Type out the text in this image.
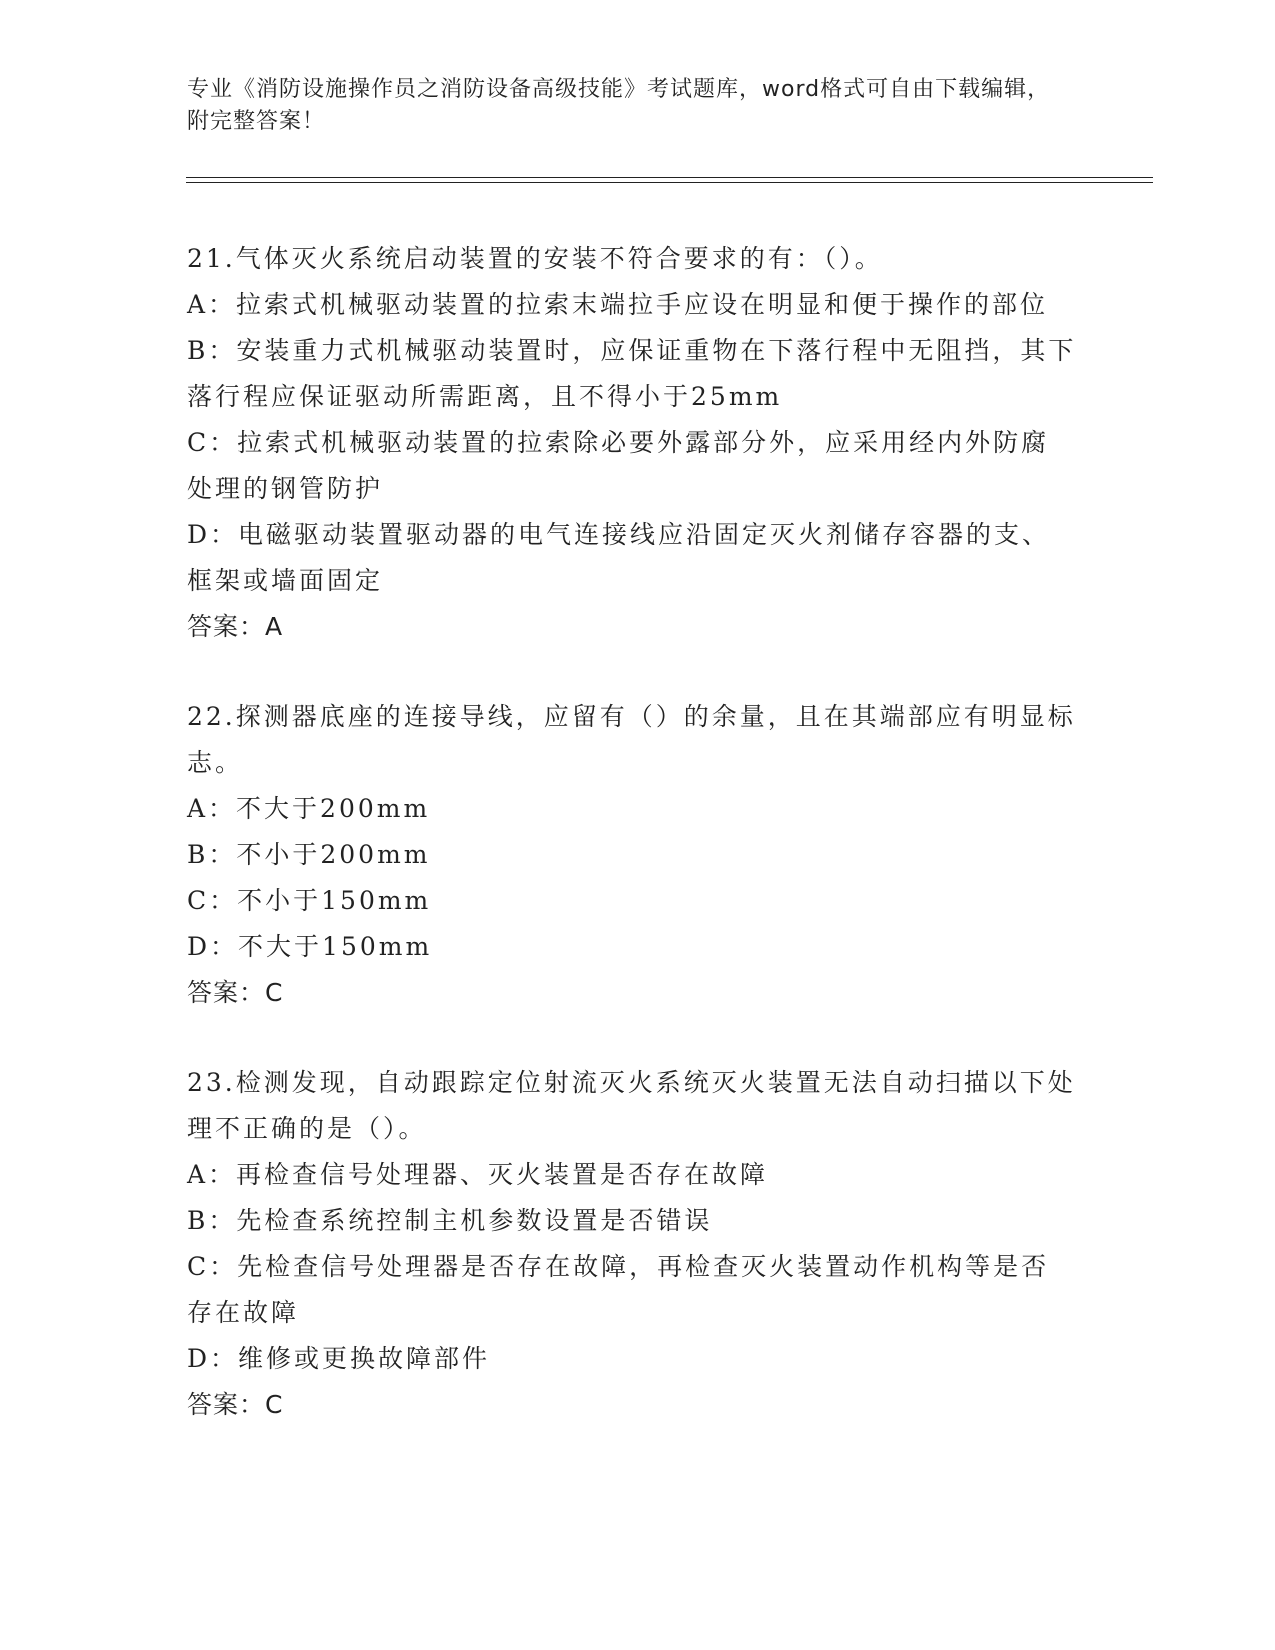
专业《消防设施操作员之消防设备高级技能》考试题库，word格式可自由下载编辑，附完整答案！

21.气体灭火系统启动装置的安装不符合要求的有：（）。

A：拉索式机械驱动装置的拉索末端拉手应设在明显和便于操作的部位

B：安装重力式机械驱动装置时，应保证重物在下落行程中无阻挡，其下落行程应保证驱动所需距离，且不得小于25mm

C：拉索式机械驱动装置的拉索除必要外露部分外，应采用经内外防腐处理的钢管防护

D：电磁驱动装置驱动器的电气连接线应沿固定灭火剂储存容器的支、框架或墙面固定

答案：A

22.探测器底座的连接导线，应留有（）的余量，且在其端部应有明显标志。

A：不大于200mm

B：不小于200mm

C：不小于150mm

D：不大于150mm

答案：C

23.检测发现，自动跟踪定位射流灭火系统灭火装置无法自动扫描以下处理不正确的是（）。

A：再检查信号处理器、灭火装置是否存在故障

B：先检查系统控制主机参数设置是否错误

C：先检查信号处理器是否存在故障，再检查灭火装置动作机构等是否存在故障

D：维修或更换故障部件

答案：C
